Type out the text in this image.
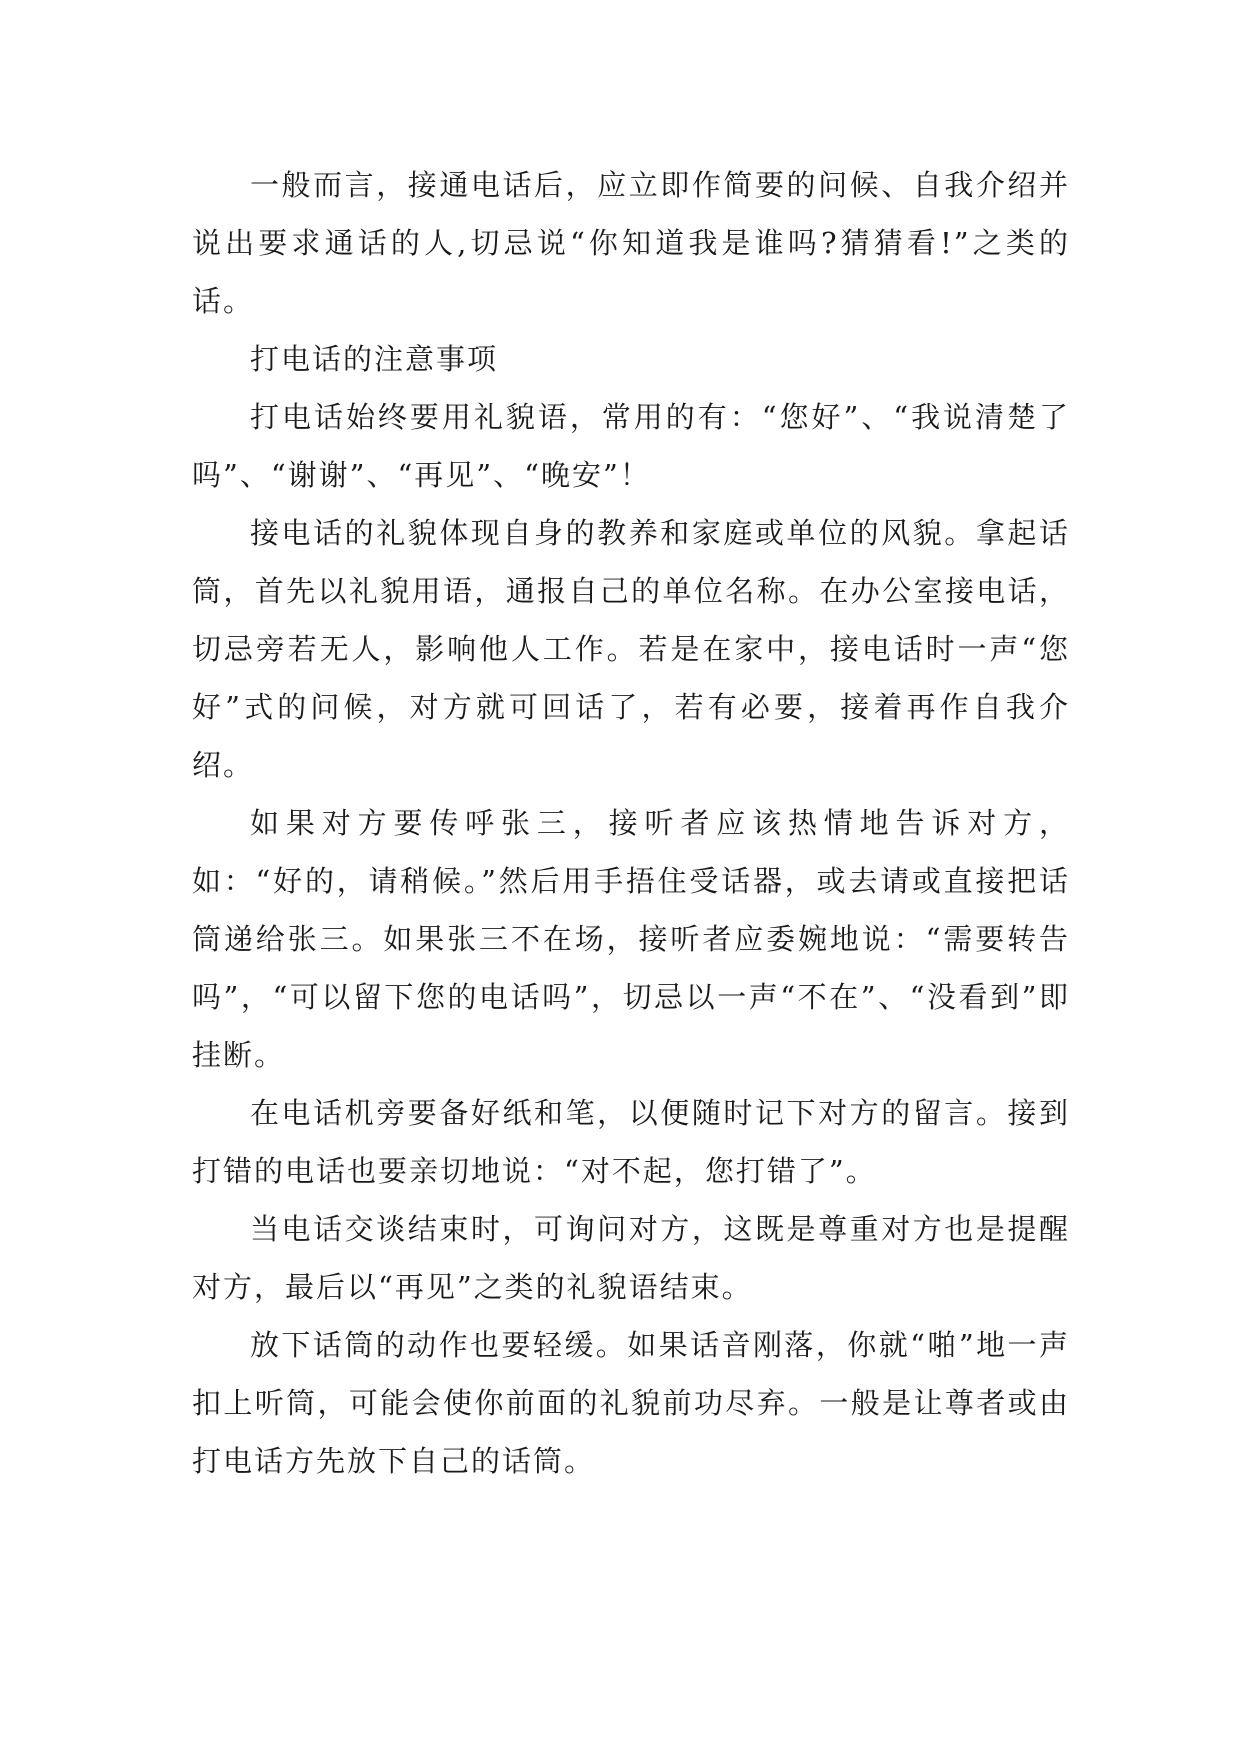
一般而言，接通电话后，应立即作简要的问候、自我介绍并说出要求通话的人,切忌说“你知道我是谁吗?猜猜看!”之类的话。

打电话的注意事项

打电话始终要用礼貌语，常用的有：“您好”、“我说清楚了吗”、“谢谢”、“再见”、“晚安”！

接电话的礼貌体现自身的教养和家庭或单位的风貌。拿起话筒，首先以礼貌用语，通报自己的单位名称。在办公室接电话，切忌旁若无人，影响他人工作。若是在家中，接电话时一声“您好”式的问候，对方就可回话了，若有必要，接着再作自我介绍。

如果对方要传呼张三，接听者应该热情地告诉对方，如：“好的，请稍候。”然后用手捂住受话器，或去请或直接把话筒递给张三。如果张三不在场，接听者应委婉地说：“需要转告吗”，“可以留下您的电话吗”，切忌以一声“不在”、“没看到”即挂断。

在电话机旁要备好纸和笔，以便随时记下对方的留言。接到打错的电话也要亲切地说：“对不起，您打错了”。

当电话交谈结束时，可询问对方，这既是尊重对方也是提醒对方，最后以“再见”之类的礼貌语结束。

放下话筒的动作也要轻缓。如果话音刚落，你就“啪”地一声扣上听筒，可能会使你前面的礼貌前功尽弃。一般是让尊者或由打电话方先放下自己的话筒。
